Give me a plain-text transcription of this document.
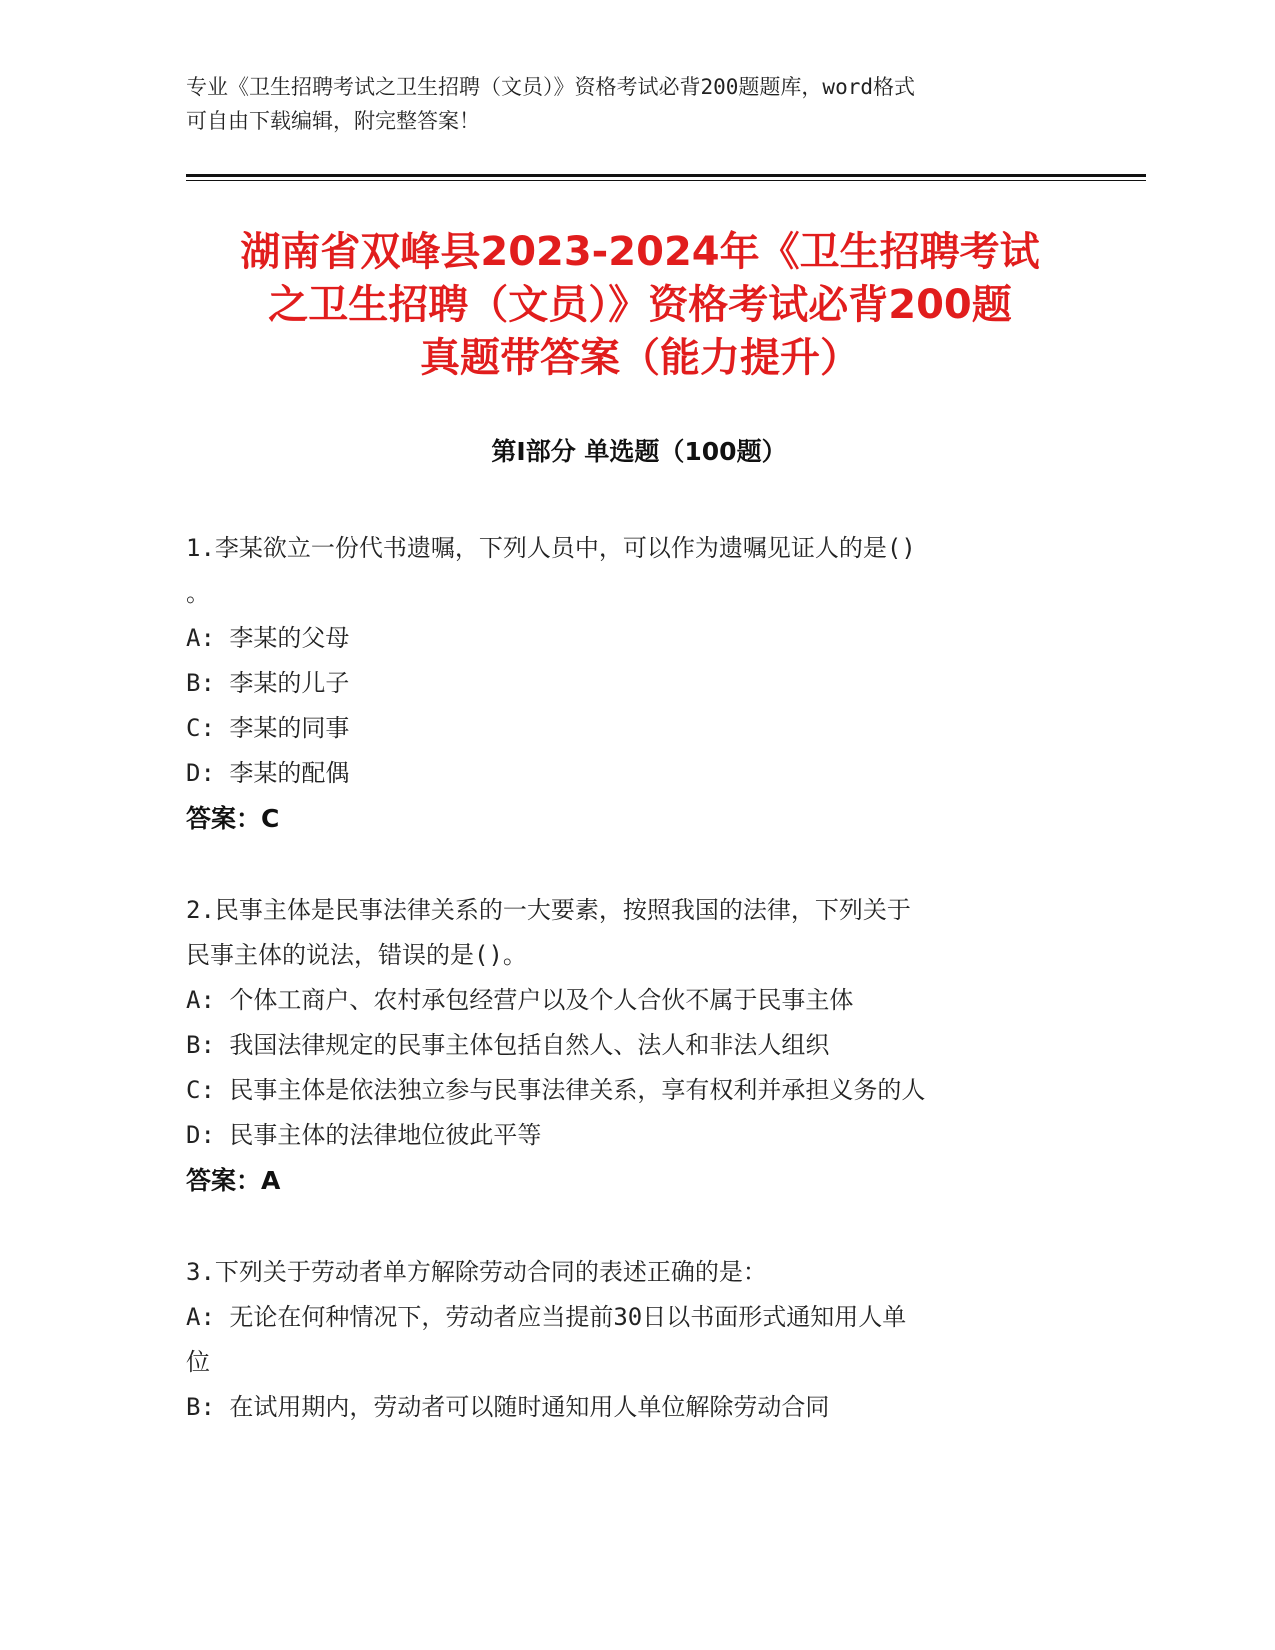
专业《卫生招聘考试之卫生招聘（文员）》资格考试必背200题题库，word格式
可自由下载编辑，附完整答案！
湖南省双峰县2023-2024年《卫生招聘考试
之卫生招聘（文员）》资格考试必背200题
真题带答案（能力提升）
第Ⅰ部分 单选题（100题）
1.李某欲立一份代书遗嘱，下列人员中，可以作为遗嘱见证人的是()
。
A: 李某的父母
B: 李某的儿子
C: 李某的同事
D: 李某的配偶
答案：C
2.民事主体是民事法律关系的一大要素，按照我国的法律，下列关于
民事主体的说法，错误的是()。
A: 个体工商户、农村承包经营户以及个人合伙不属于民事主体
B: 我国法律规定的民事主体包括自然人、法人和非法人组织
C: 民事主体是依法独立参与民事法律关系，享有权利并承担义务的人
D: 民事主体的法律地位彼此平等
答案：A
3.下列关于劳动者单方解除劳动合同的表述正确的是：
A: 无论在何种情况下，劳动者应当提前30日以书面形式通知用人单
位
B: 在试用期内，劳动者可以随时通知用人单位解除劳动合同
